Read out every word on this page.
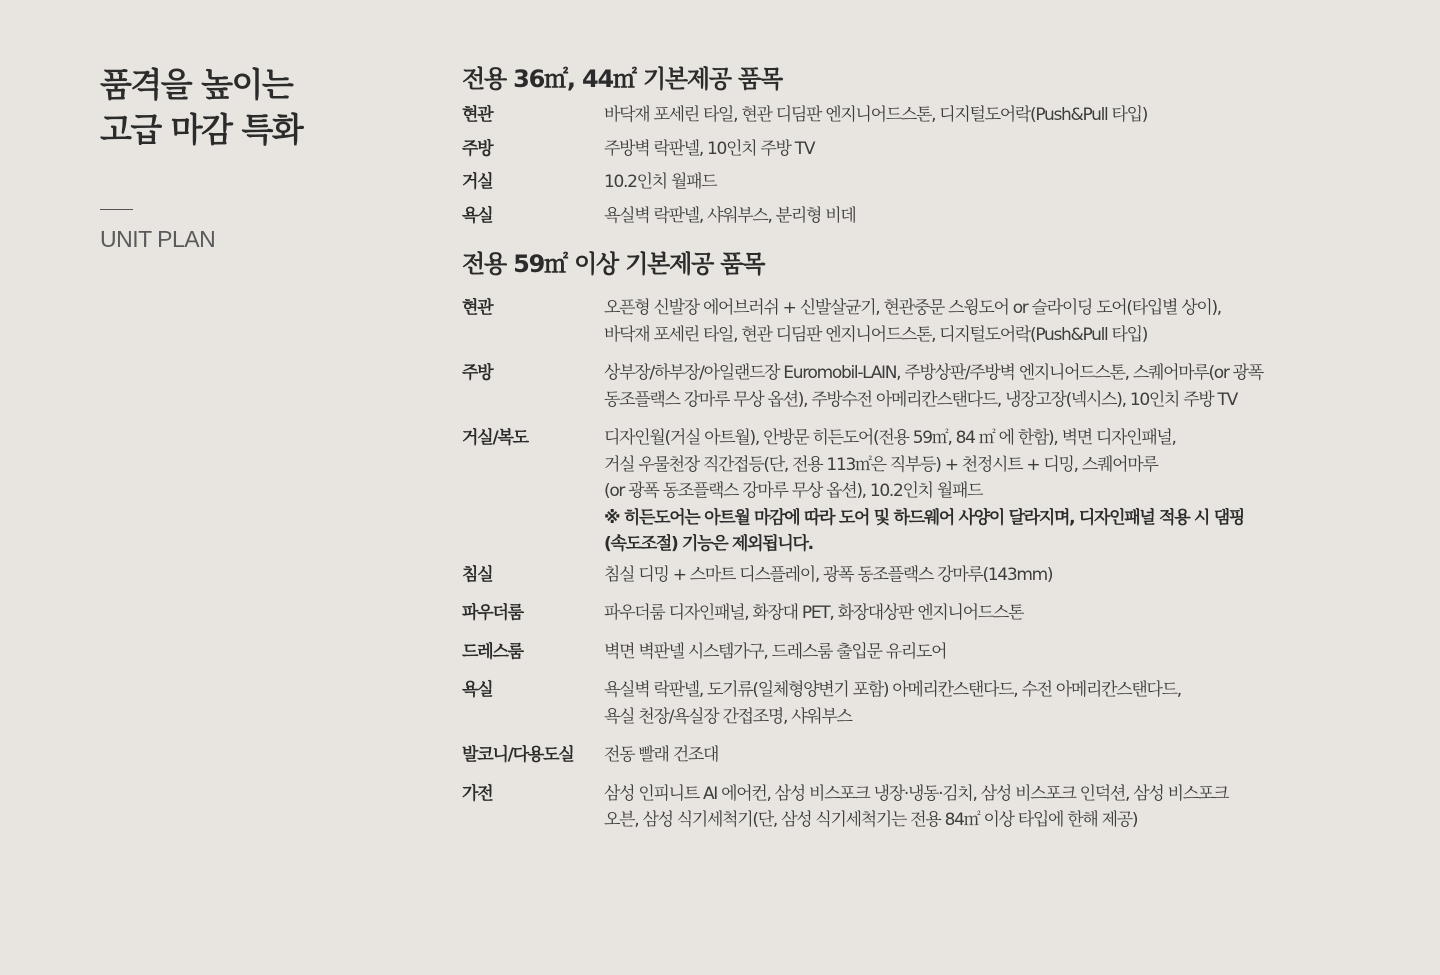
품격을 높이는
고급 마감 특화
UNIT PLAN
전용 36㎡, 44㎡ 기본제공 품목
현관	바닥재 포세린 타일, 현관 디딤판 엔지니어드스톤, 디지털도어락(Push&Pull 타입)
주방	주방벽 락판넬, 10인치 주방 TV
거실	10.2인치 월패드
욕실	욕실벽 락판넬, 샤워부스, 분리형 비데
전용 59㎡ 이상 기본제공 품목
현관	오픈형 신발장 에어브러쉬 + 신발살균기, 현관중문 스윙도어 or 슬라이딩 도어(타입별 상이),
바닥재 포세린 타일, 현관 디딤판 엔지니어드스톤, 디지털도어락(Push&Pull 타입)
주방	상부장/하부장/아일랜드장 Euromobil-LAIN, 주방상판/주방벽 엔지니어드스톤, 스퀘어마루(or 광폭
동조플랙스 강마루 무상 옵션), 주방수전 아메리칸스탠다드, 냉장고장(넥시스), 10인치 주방 TV
거실/복도	디자인월(거실 아트월), 안방문 히든도어(전용 59㎡, 84 ㎡ 에 한함), 벽면 디자인패널,
거실 우물천장 직간접등(단, 전용 113㎡은 직부등) + 천정시트 + 디밍, 스퀘어마루
(or 광폭 동조플랙스 강마루 무상 옵션), 10.2인치 월패드
※ 히든도어는 아트월 마감에 따라 도어 및 하드웨어 사양이 달라지며, 디자인패널 적용 시 댐핑
(속도조절) 기능은 제외됩니다.
침실	침실 디밍 + 스마트 디스플레이, 광폭 동조플랙스 강마루(143mm)
파우더룸	파우더룸 디자인패널, 화장대 PET, 화장대상판 엔지니어드스톤
드레스룸	벽면 벽판넬 시스템가구, 드레스룸 출입문 유리도어
욕실	욕실벽 락판넬, 도기류(일체형양변기 포함) 아메리칸스탠다드, 수전 아메리칸스탠다드,
욕실 천장/욕실장 간접조명, 샤워부스
발코니/다용도실	전동 빨래 건조대
가전	삼성 인피니트 AI 에어컨, 삼성 비스포크 냉장·냉동·김치, 삼성 비스포크 인덕션, 삼성 비스포크
오븐, 삼성 식기세척기(단, 삼성 식기세척기는 전용 84㎡ 이상 타입에 한해 제공)
